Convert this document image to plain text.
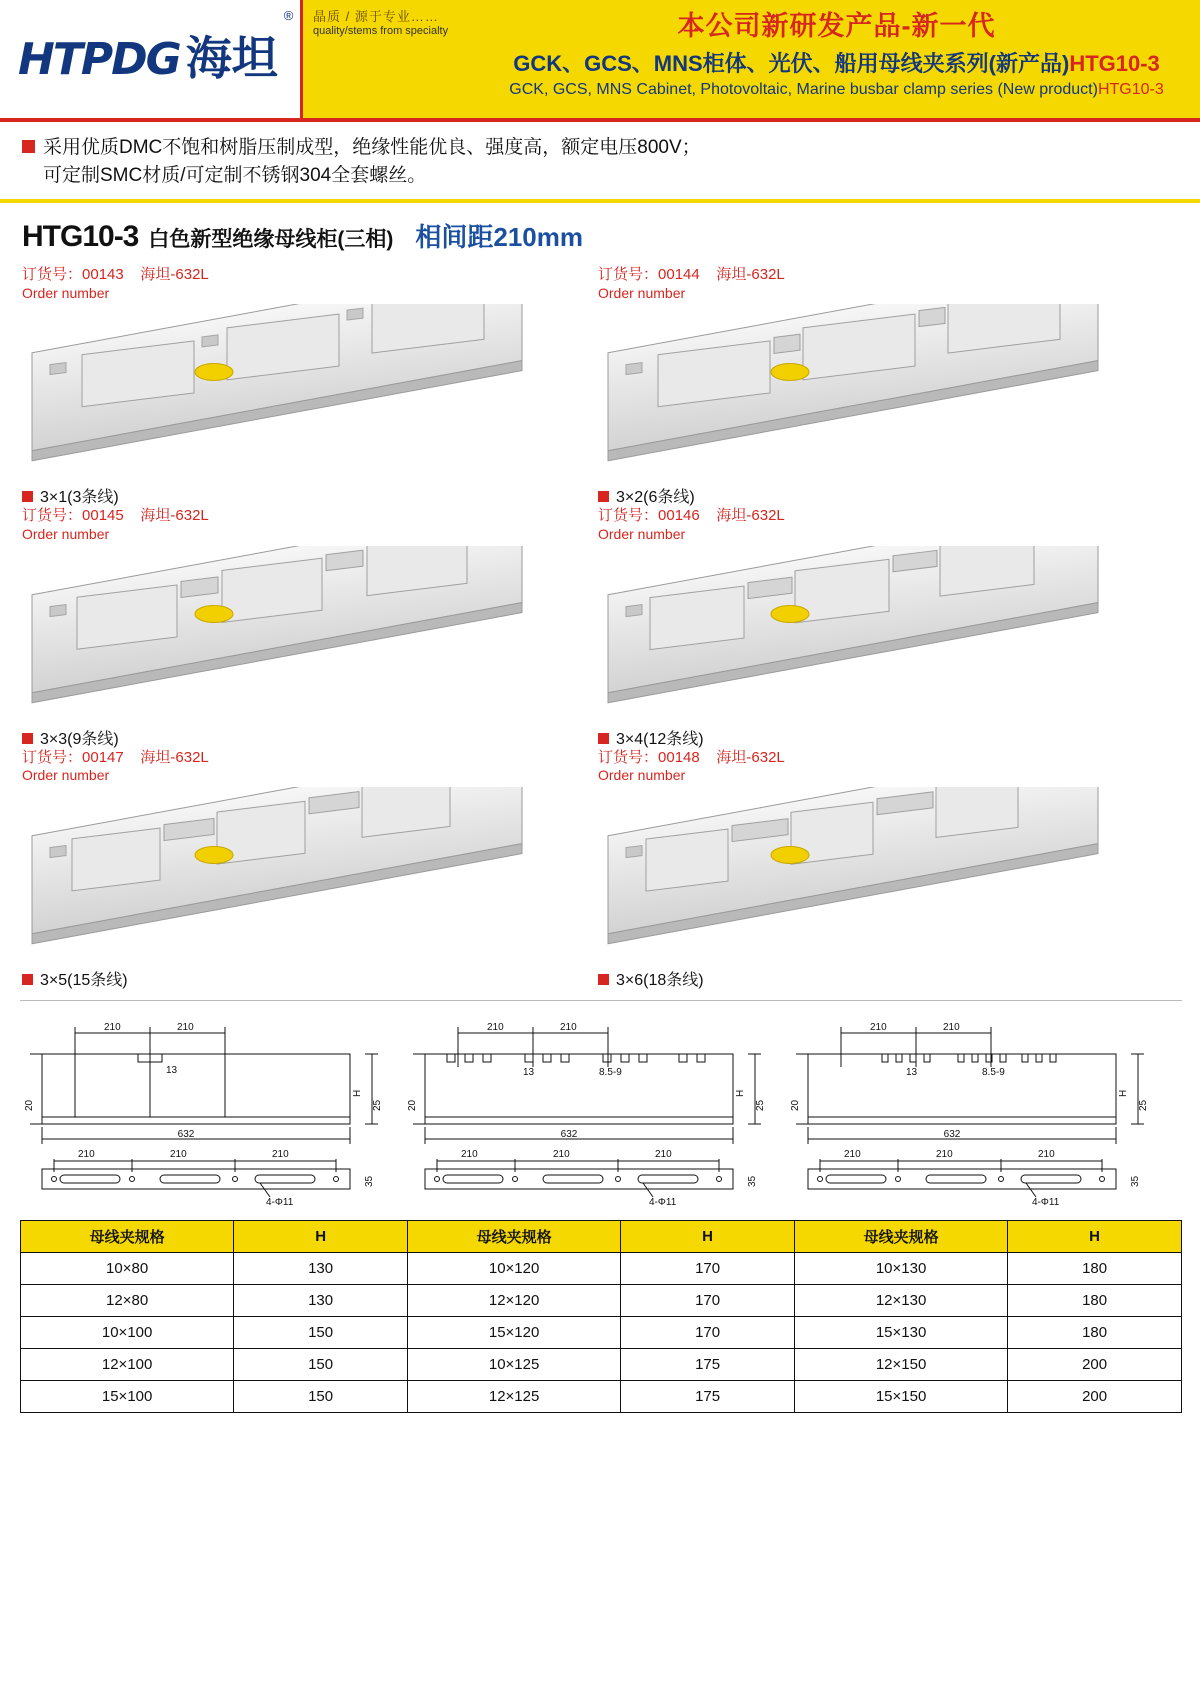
HTPDG 海坦
® 晶质 / 源于专业……
quality/stems from specialty	本公司新研发产品-新一代
GCK、GCS、MNS柜体、光伏、船用母线夹系列(新产品)HTG10-3
GCK, GCS, MNS Cabinet, Photovoltaic, Marine busbar clamp series (New product)HTG10-3

采用优质DMC不饱和树脂压制成型，绝缘性能优良、强度高，额定电压800V；

可定制SMC材质/可定制不锈钢304全套螺丝。

HTG10-3 白色新型绝缘母线柜(三相) 相间距210mm
订货号：00143 海坦-632L
Order number
3×1(3条线)
订货号：00144 海坦-632L
Order number
3×2(6条线)
订货号：00145 海坦-632L
Order number
3×3(9条线)
订货号：00146 海坦-632L
Order number
3×4(12条线)
订货号：00147 海坦-632L
Order number
3×5(15条线)
订货号：00148 海坦-632L
Order number
3×6(18条线)
210	210
13
632
20	25
H
210	210	210
35
4-Φ11
210	210
13	8.5-9
632
20	25
H
210	210	210
35
4-Φ11
210	210
13	8.5-9
632
20	25
H
210	210	210
35
4-Φ11
母线夹规格	H	母线夹规格	H	母线夹规格	H
10×80	130	10×120	170	10×130	180
12×80	130	12×120	170	12×130	180
10×100	150	15×120	170	15×130	180
12×100	150	10×125	175	12×150	200
15×100	150	12×125	175	15×150	200
